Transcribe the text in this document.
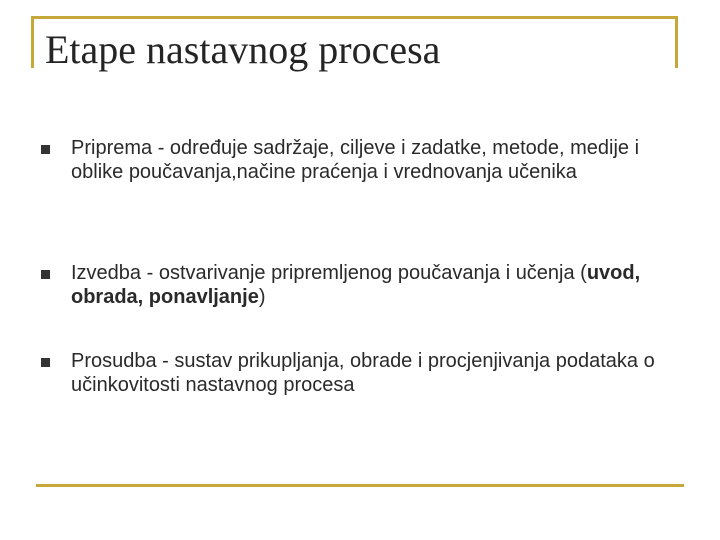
Etape nastavnog procesa

Priprema - određuje sadržaje, ciljeve i zadatke, metode, medije i oblike poučavanja,načine praćenja i vrednovanja učenika

Izvedba - ostvarivanje pripremljenog poučavanja i učenja (uvod, obrada, ponavljanje)

Prosudba - sustav prikupljanja, obrade i procjenjivanja podataka o učinkovitosti nastavnog procesa
